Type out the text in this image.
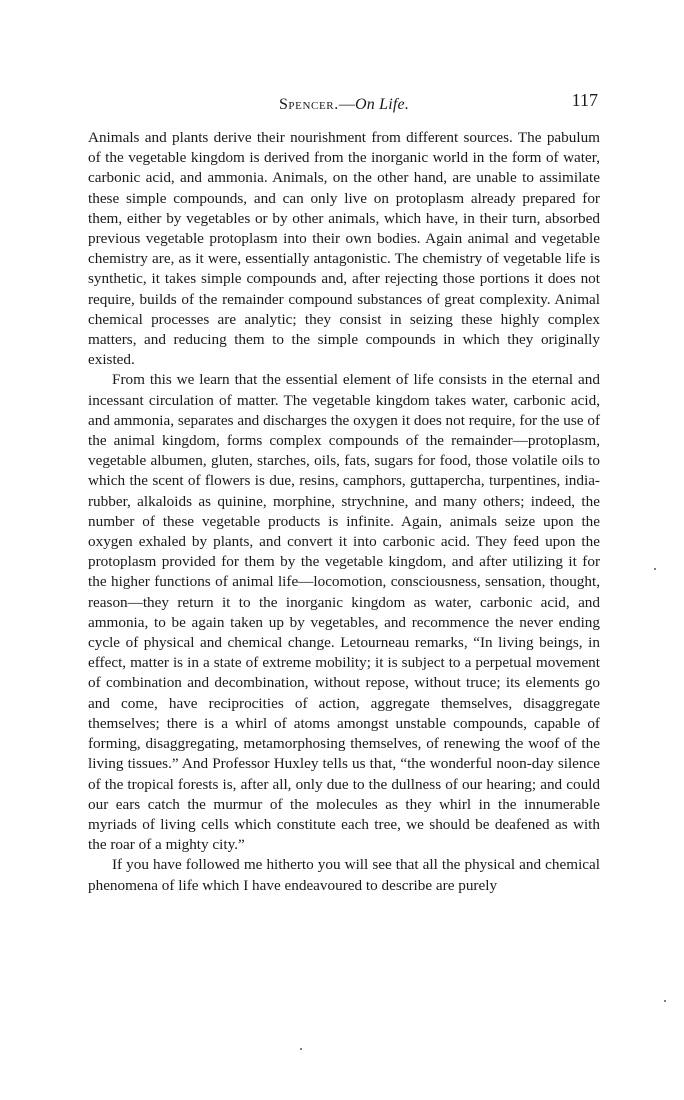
Spencer.—On Life.	117

Animals and plants derive their nourishment from different sources. The pabulum of the vegetable kingdom is derived from the inorganic world in the form of water, carbonic acid, and ammonia. Animals, on the other hand, are unable to assimilate these simple compounds, and can only live on protoplasm already prepared for them, either by vegetables or by other animals, which have, in their turn, absorbed previous vegetable protoplasm into their own bodies. Again animal and vegetable chemistry are, as it were, essentially antagonistic. The chemistry of vegetable life is synthetic, it takes simple compounds and, after rejecting those portions it does not require, builds of the remainder compound substances of great complexity. Animal chemical processes are analytic; they consist in seizing these highly complex matters, and reducing them to the simple compounds in which they originally existed.

From this we learn that the essential element of life consists in the eternal and incessant circulation of matter. The vegetable kingdom takes water, carbonic acid, and ammonia, separates and discharges the oxygen it does not require, for the use of the animal kingdom, forms complex compounds of the remainder—protoplasm, vegetable albumen, gluten, starches, oils, fats, sugars for food, those volatile oils to which the scent of flowers is due, resins, camphors, guttapercha, turpentines, india-rubber, alkaloids as quinine, morphine, strychnine, and many others; indeed, the number of these vegetable products is infinite. Again, animals seize upon the oxygen exhaled by plants, and convert it into carbonic acid. They feed upon the protoplasm provided for them by the vegetable kingdom, and after utilizing it for the higher functions of animal life—locomotion, consciousness, sensation, thought, reason—they return it to the inorganic kingdom as water, carbonic acid, and ammonia, to be again taken up by vegetables, and recommence the never ending cycle of physical and chemical change. Letourneau remarks, “In living beings, in effect, matter is in a state of extreme mobility; it is subject to a perpetual movement of combination and decombination, without repose, without truce; its elements go and come, have reciprocities of action, aggregate themselves, disaggregate themselves; there is a whirl of atoms amongst unstable compounds, capable of forming, disaggregating, metamorphosing themselves, of renewing the woof of the living tissues.” And Professor Huxley tells us that, “the wonderful noon-day silence of the tropical forests is, after all, only due to the dullness of our hearing; and could our ears catch the murmur of the molecules as they whirl in the innumerable myriads of living cells which constitute each tree, we should be deafened as with the roar of a mighty city.”

If you have followed me hitherto you will see that all the physical and chemical phenomena of life which I have endeavoured to describe are purely
